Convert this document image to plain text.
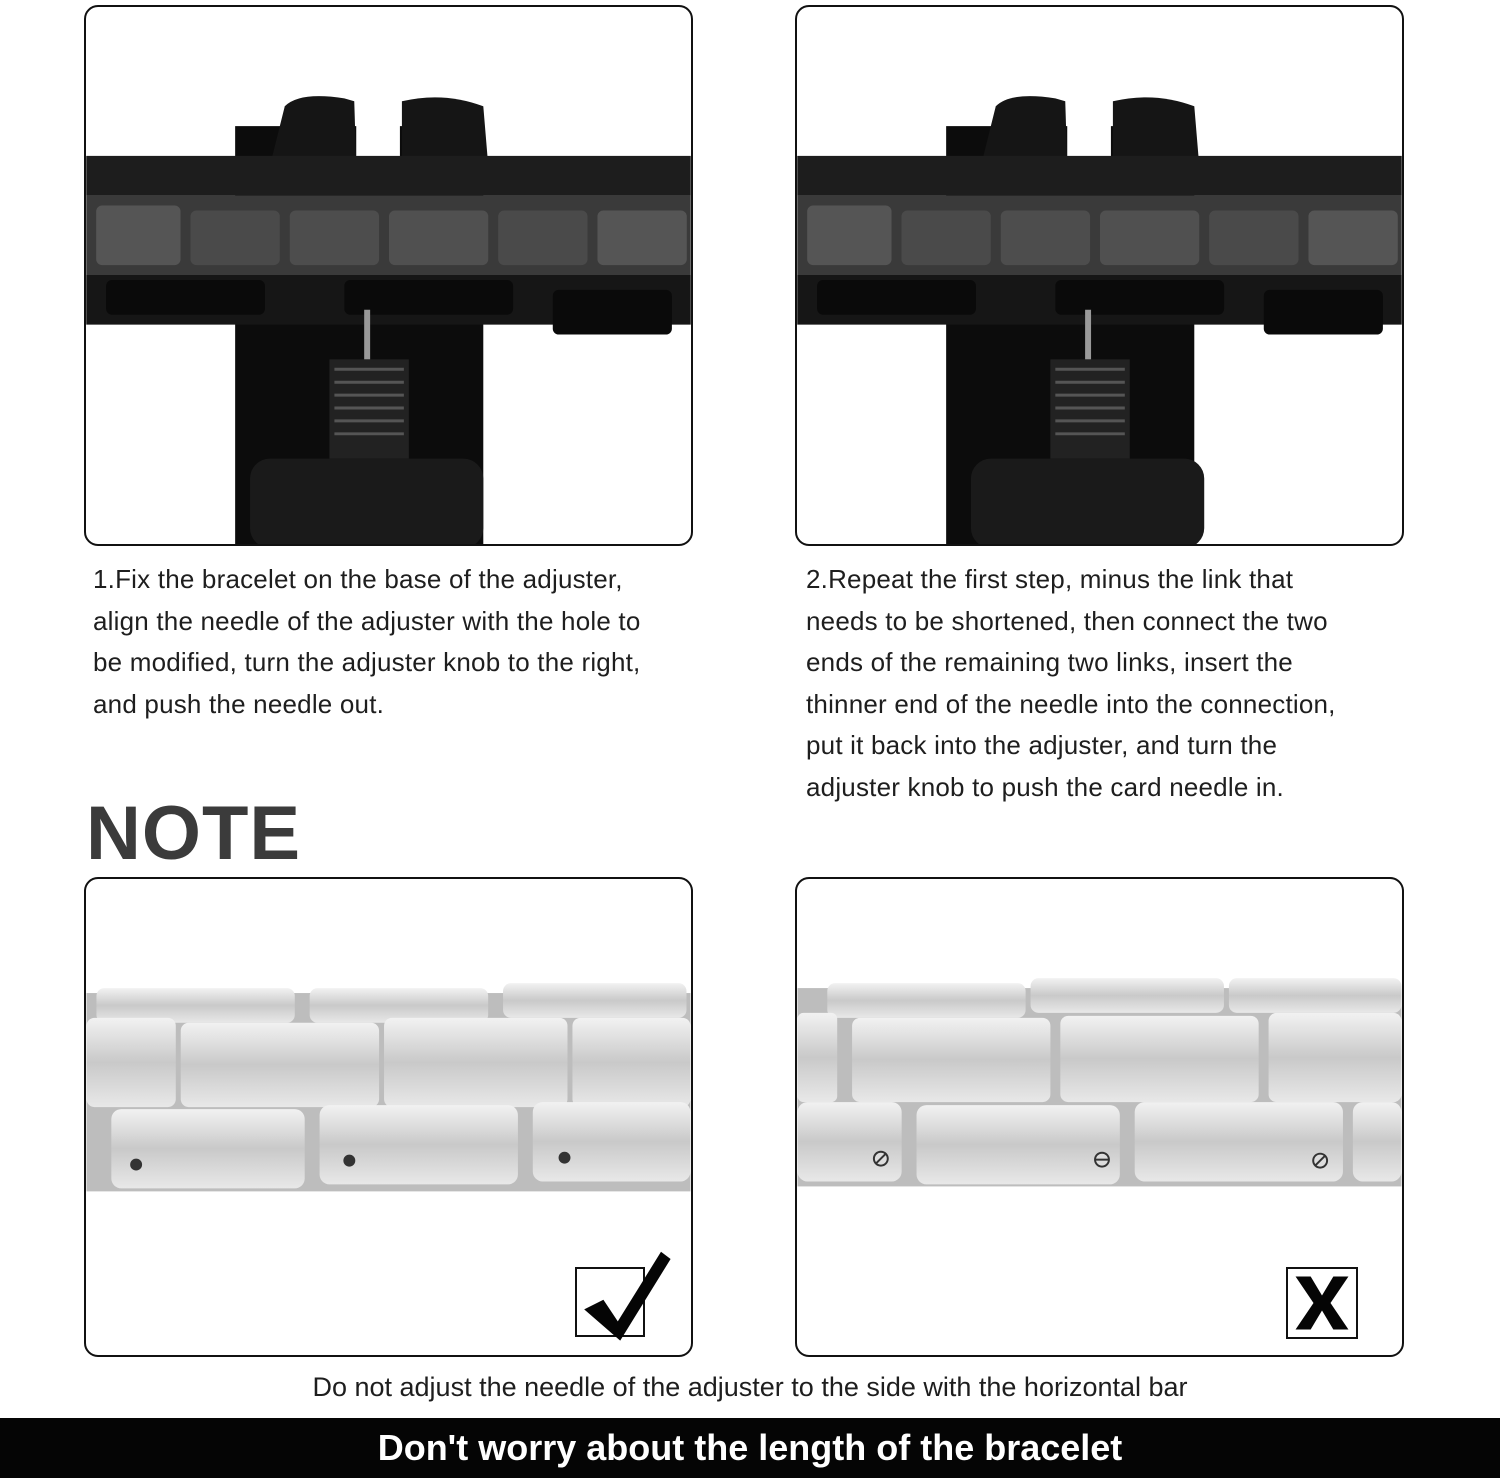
1.Fix the bracelet on the base of the adjuster,
align the needle of the adjuster with the hole to
be modified, turn the adjuster knob to the right,
and push the needle out.

2.Repeat the first step, minus the link that
needs to be shortened, then connect the two
ends of the remaining two links, insert the
thinner end of the needle into the connection,
put it back into the adjuster, and turn the
adjuster knob to push the card needle in.

NOTE
Do not adjust the needle of the adjuster to the side with the horizontal bar
Don't worry about the length of the bracelet
